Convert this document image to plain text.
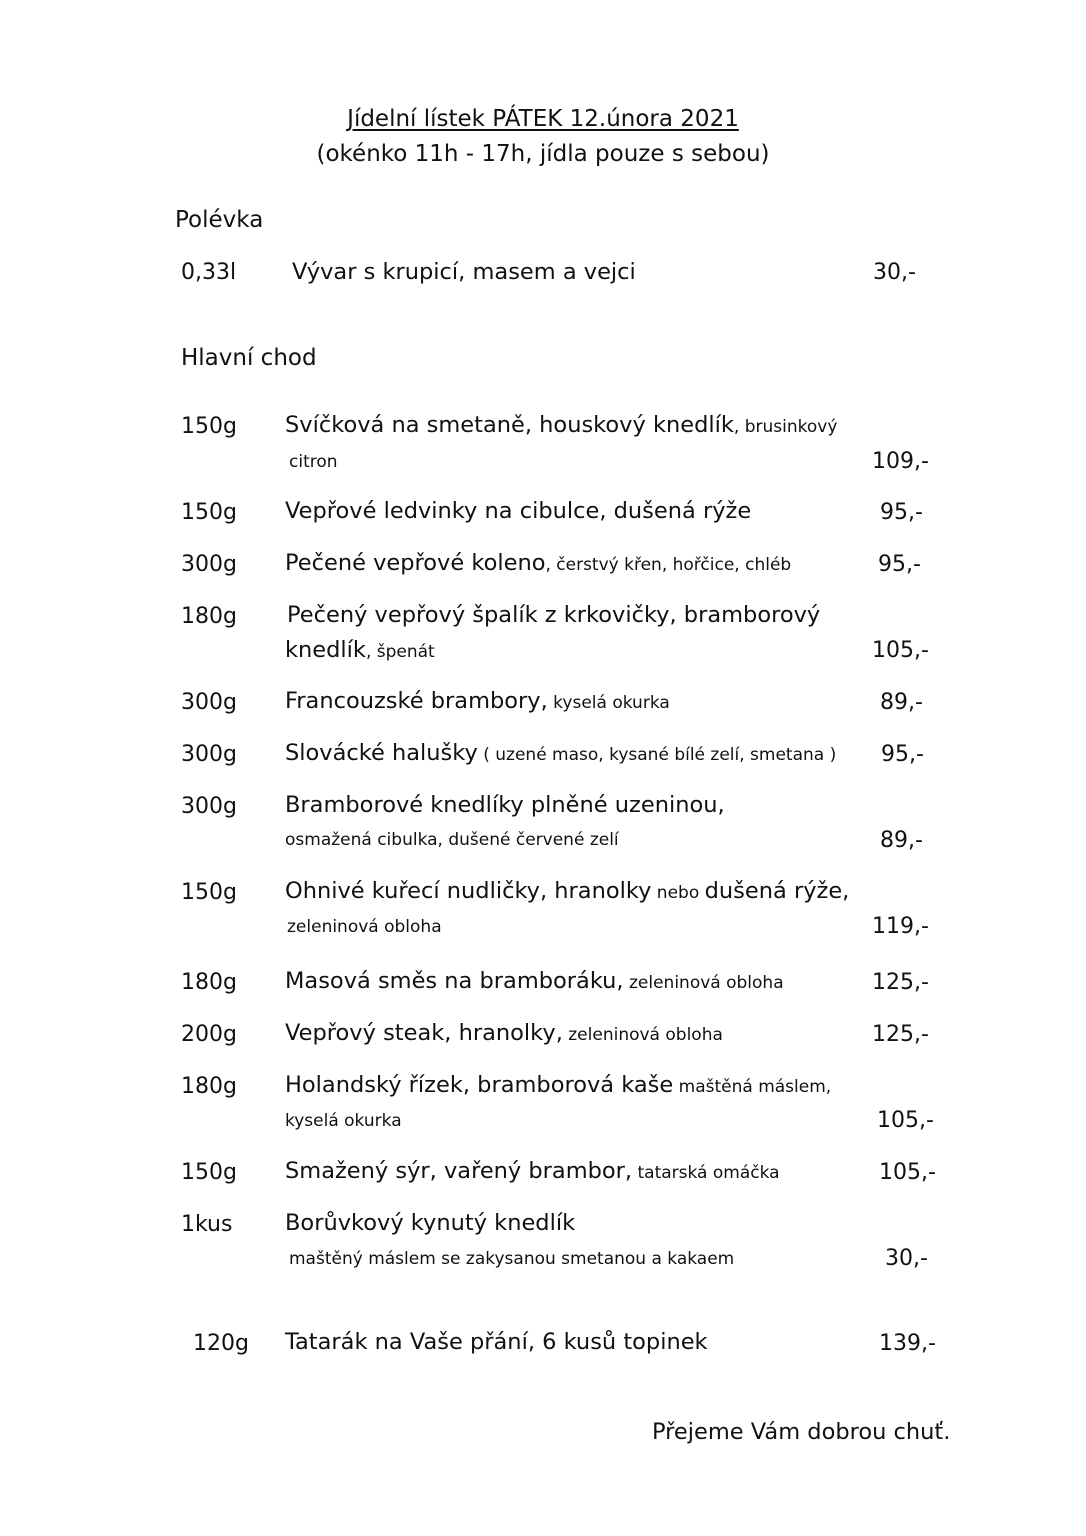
Jídelní lístek PÁTEK 12.února 2021
(okénko 11h - 17h, jídla pouze s sebou)
Polévka
0,33l Vývar s krupicí, masem a vejci	30,-
Hlavní chod
150g Svíčková na smetaně, houskový knedlík, brusinkový
citron	109,-
150g Vepřové ledvinky na cibulce, dušená rýže	95,-
300g Pečené vepřové koleno, čerstvý křen, hořčice, chléb	95,-
180g Pečený vepřový špalík z krkovičky, bramborový
knedlík, špenát	105,-
300g Francouzské brambory, kyselá okurka	89,-
300g Slovácké halušky ( uzené maso, kysané bílé zelí, smetana ) 95,-
300g Bramborové knedlíky plněné uzeninou,
osmažená cibulka, dušené červené zelí	89,-
150g Ohnivé kuřecí nudličky, hranolky nebo dušená rýže,
zeleninová obloha	119,-
180g Masová směs na bramboráku, zeleninová obloha	125,-
200g Vepřový steak, hranolky, zeleninová obloha	125,-
180g Holandský řízek, bramborová kaše maštěná máslem,
kyselá okurka	105,-
150g Smažený sýr, vařený brambor, tatarská omáčka	105,-
1kus Borůvkový kynutý knedlík
maštěný máslem se zakysanou smetanou a kakaem	30,-
120g Tatarák na Vaše přání, 6 kusů topinek	139,-
Přejeme Vám dobrou chuť.
